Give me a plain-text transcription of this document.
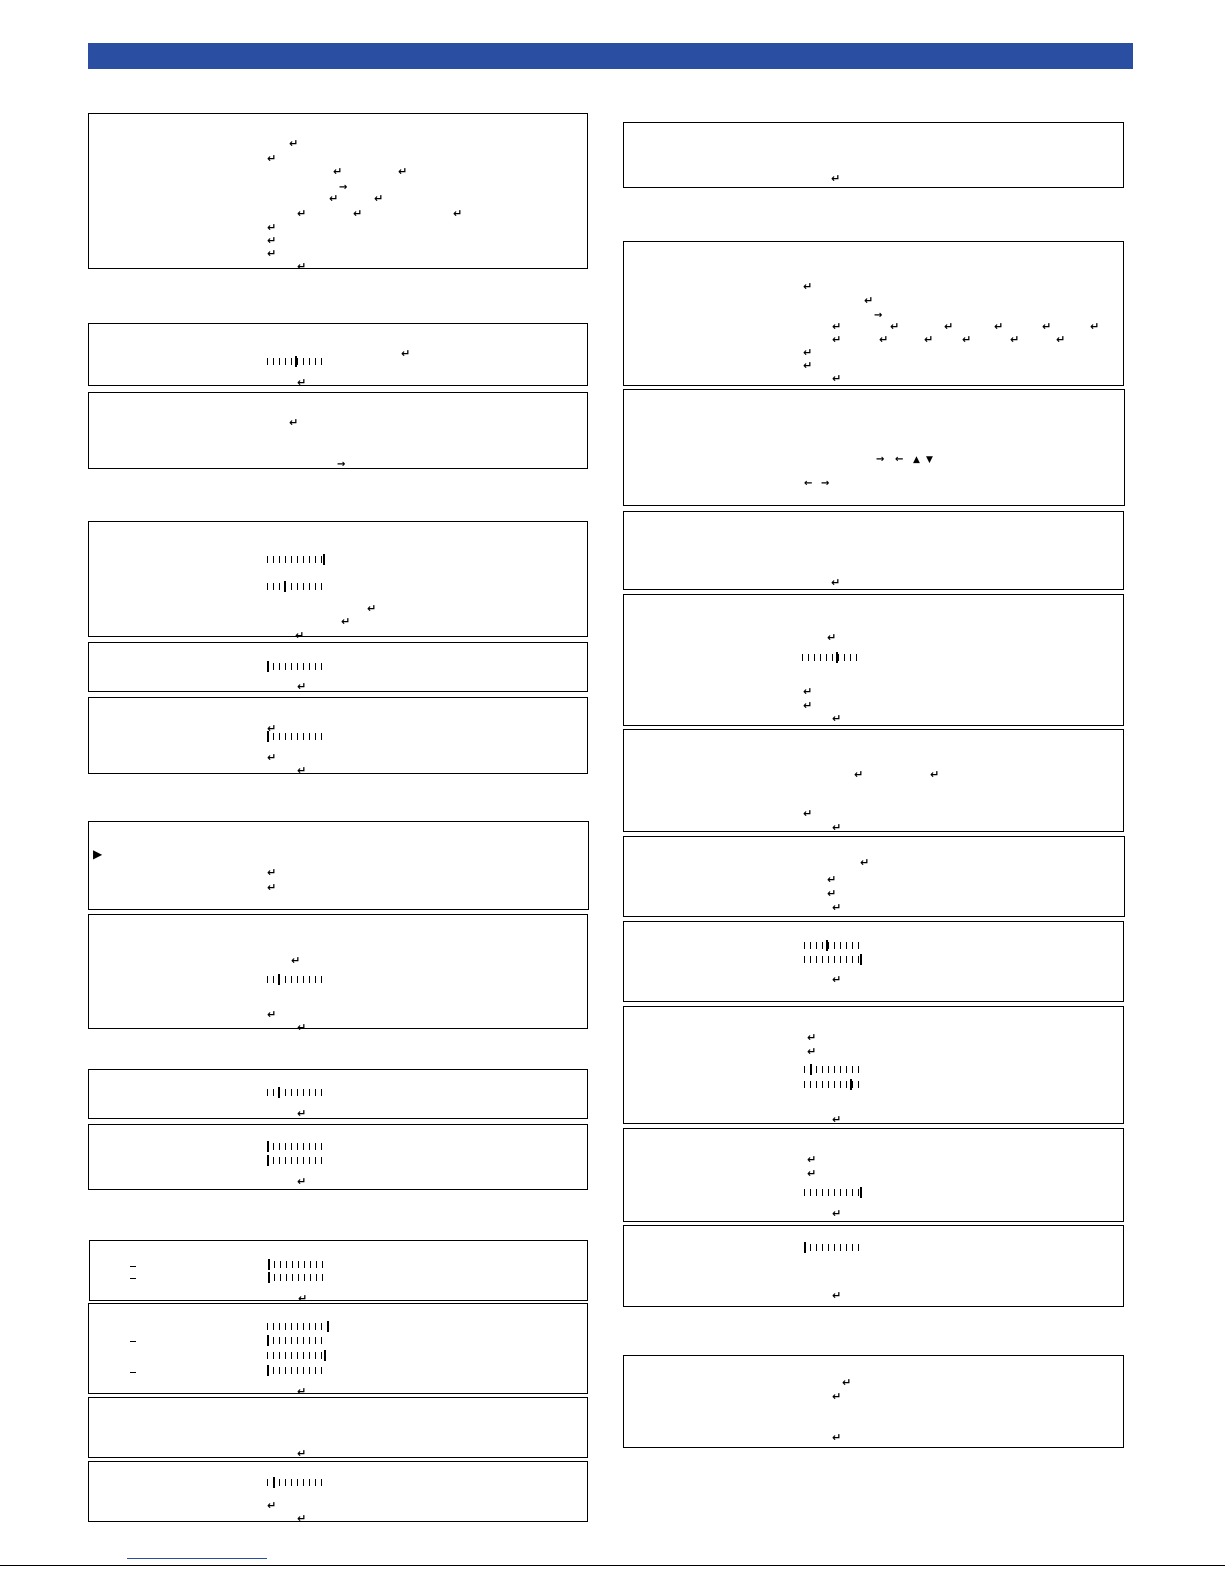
↵
↵
↵
↵
→
↵
↵
↵
↵
↵
↵
↵
↵
↵
↵
↵
↵
→
↵
↵
↵
↵
↵
↵
↵
▶
↵
↵
↵
↵
↵
↵
↵
↵
↵
↵
↵
↵
↵
↵
↵
→
↵
↵
↵
↵
↵
↵
↵
↵
↵
↵
↵
↵
↵
↵
↵
→
←
▲
▼
←
→
↵
↵
↵
↵
↵
↵
↵
↵
↵
↵
↵
↵
↵
↵
↵
↵
↵
↵
↵
↵
↵
↵
↵
↵
